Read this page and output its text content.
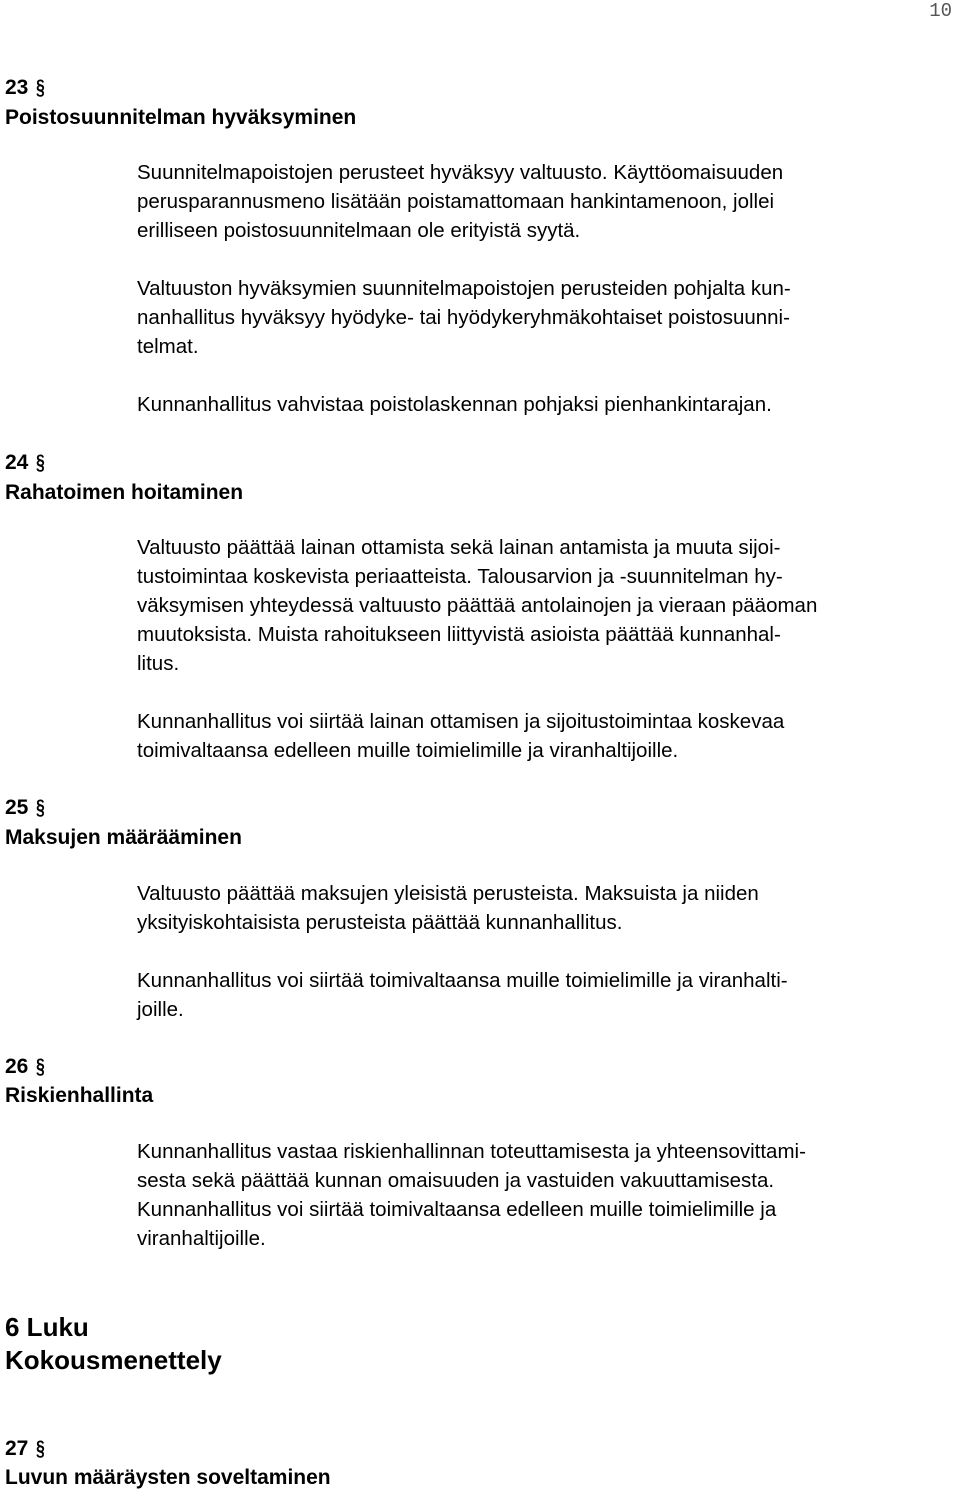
10
23 §
Poistosuunnitelman hyväksyminen
Suunnitelmapoistojen perusteet hyväksyy valtuusto. Käyttöomaisuuden
perusparannusmeno lisätään poistamattomaan hankintamenoon, jollei
erilliseen poistosuunnitelmaan ole erityistä syytä.
Valtuuston hyväksymien suunnitelmapoistojen perusteiden pohjalta kun-
nanhallitus hyväksyy hyödyke- tai hyödykeryhmäkohtaiset poistosuunni-
telmat.
Kunnanhallitus vahvistaa poistolaskennan pohjaksi pienhankintarajan.
24 §
Rahatoimen hoitaminen
Valtuusto päättää lainan ottamista sekä lainan antamista ja muuta sijoi-
tustoimintaa koskevista periaatteista. Talousarvion ja -suunnitelman hy-
väksymisen yhteydessä valtuusto päättää antolainojen ja vieraan pääoman
muutoksista. Muista rahoitukseen liittyvistä asioista päättää kunnanhal-
litus.
Kunnanhallitus voi siirtää lainan ottamisen ja sijoitustoimintaa koskevaa
toimivaltaansa edelleen muille toimielimille ja viranhaltijoille.
25 §
Maksujen määrääminen
Valtuusto päättää maksujen yleisistä perusteista. Maksuista ja niiden
yksityiskohtaisista perusteista päättää kunnanhallitus.
Kunnanhallitus voi siirtää toimivaltaansa muille toimielimille ja viranhalti-
joille.
26 §
Riskienhallinta
Kunnanhallitus vastaa riskienhallinnan toteuttamisesta ja yhteensovittami-
sesta sekä päättää kunnan omaisuuden ja vastuiden vakuuttamisesta.
Kunnanhallitus voi siirtää toimivaltaansa edelleen muille toimielimille ja
viranhaltijoille.
6 Luku
Kokousmenettely
27 §
Luvun määräysten soveltaminen
